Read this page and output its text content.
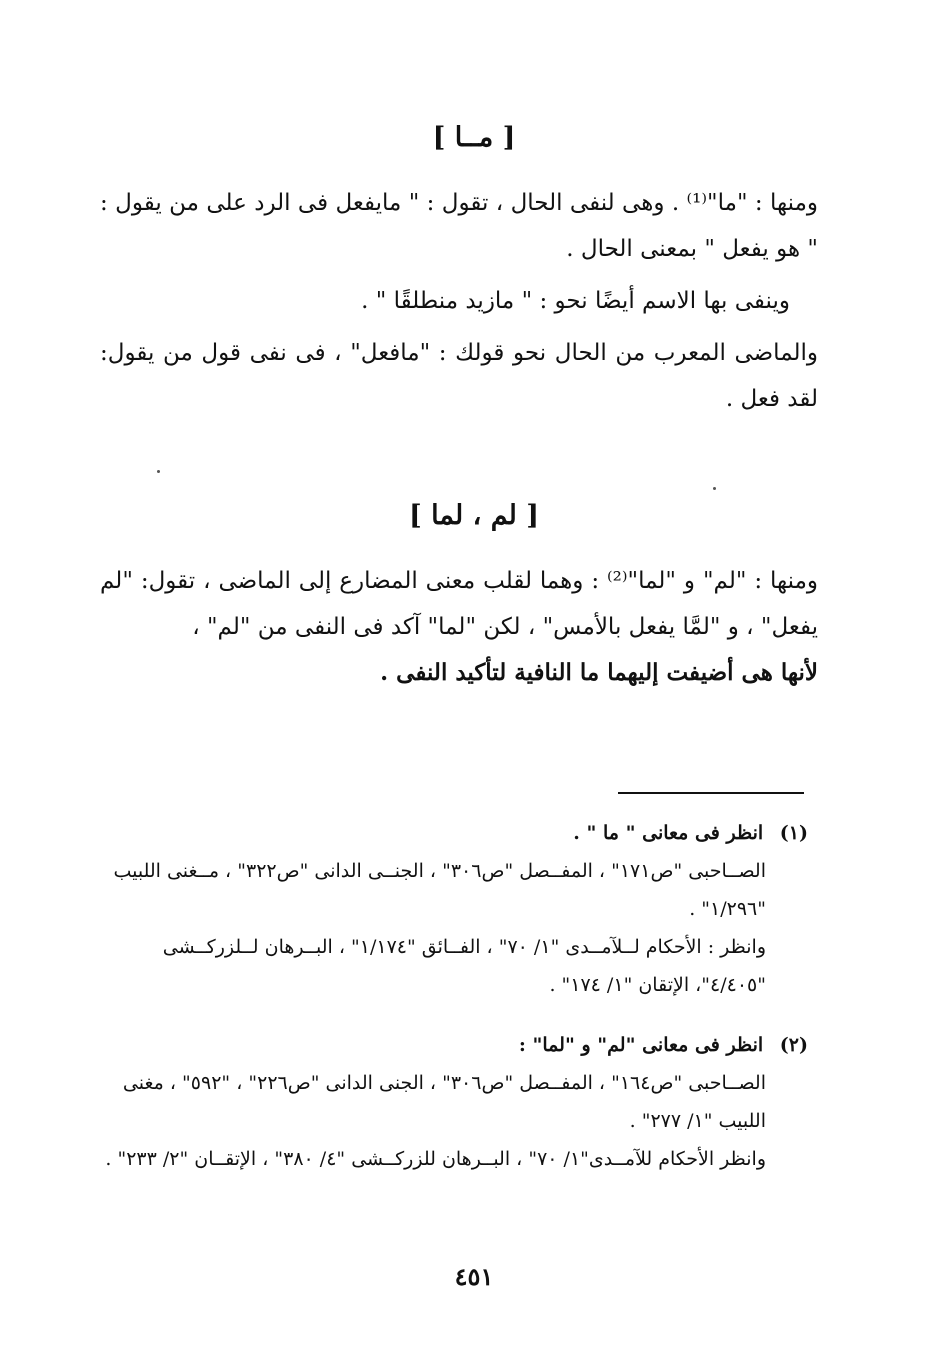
[ مــا ]

ومنها : "ما"⁽¹⁾ . وهى لنفى الحال ، تقول : " مايفعل فى الرد على من يقول : " هو يفعل " بمعنى الحال .

وينفى بها الاسم أيضًا نحو : " مازيد منطلقًا " .

والماضى المعرب من الحال نحو قولك : "مافعل" ، فى نفى قول من يقول: لقد فعل .

[ لم ، لما ]

ومنها : "لم" و "لما"⁽²⁾ : وهما لقلب معنى المضارع إلى الماضى ، تقول: "لم يفعل" ، و "لمَّا يفعل بالأمس" ، لكن "لما" آكد فى النفى من "لم" ،

لأنها هى أضيفت إليهما ما النافية لتأكيد النفى .

(١) انظر فى معانى " ما " .
الصــاحبى "ص١٧١" ، المفــصل "ص٣٠٦" ، الجنــى الدانى "ص٣٢٢" ، مــغنى اللبيب "١/٢٩٦" .
وانظر : الأحكام لــلآمــدى "١/ ٧٠" ، الفــائق "١/١٧٤" ، البــرهان لــلزركــشى "٤/٤٠٥"، الإتقان "١/ ١٧٤" .
(٢) انظر فى معانى "لم" و "لما" :
الصــاحبى "ص١٦٤" ، المفــصل "ص٣٠٦" ، الجنى الدانى "ص٢٢٦" ، "٥٩٢" ، مغنى اللبيب "١/ ٢٧٧" .
وانظر الأحكام للآمــدى"١/ ٧٠" ، البــرهان للزركــشى "٤/ ٣٨٠" ، الإتقــان "٢/ ٢٣٣" .
٤٥١
